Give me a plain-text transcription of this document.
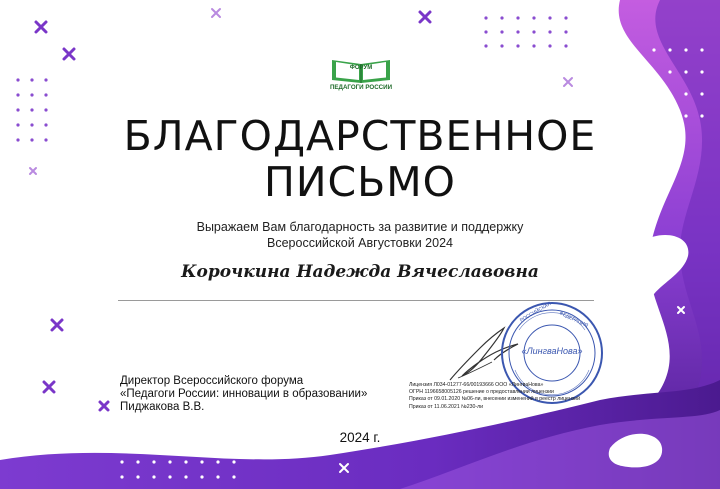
ФОРУМ
ПЕДАГОГИ РОССИИ
БЛАГОДАРСТВЕННОЕ
ПИСЬМО
Выражаем Вам благодарность за развитие и поддержку
Всероссийской Августовки 2024
Корочкина Надежда Вячеславовна
РОССИЙСКАЯ ФЕДЕРАЦИЯ
«ЛингваНова»
Директор Всероссийского форума
«Педагоги России: инновации в образовании»
Пиджакова В.В.
Лицензия Л034-01277-66/00193666 ООО «ЛингваНова»
ОГРН 1196658005126 решение о предоставлении лицензии
Приказ от 09.01.2020 №06-ли, внесении изменений в реестр лицензий
Приказ от 11.06.2021 №230-ли
2024 г.
